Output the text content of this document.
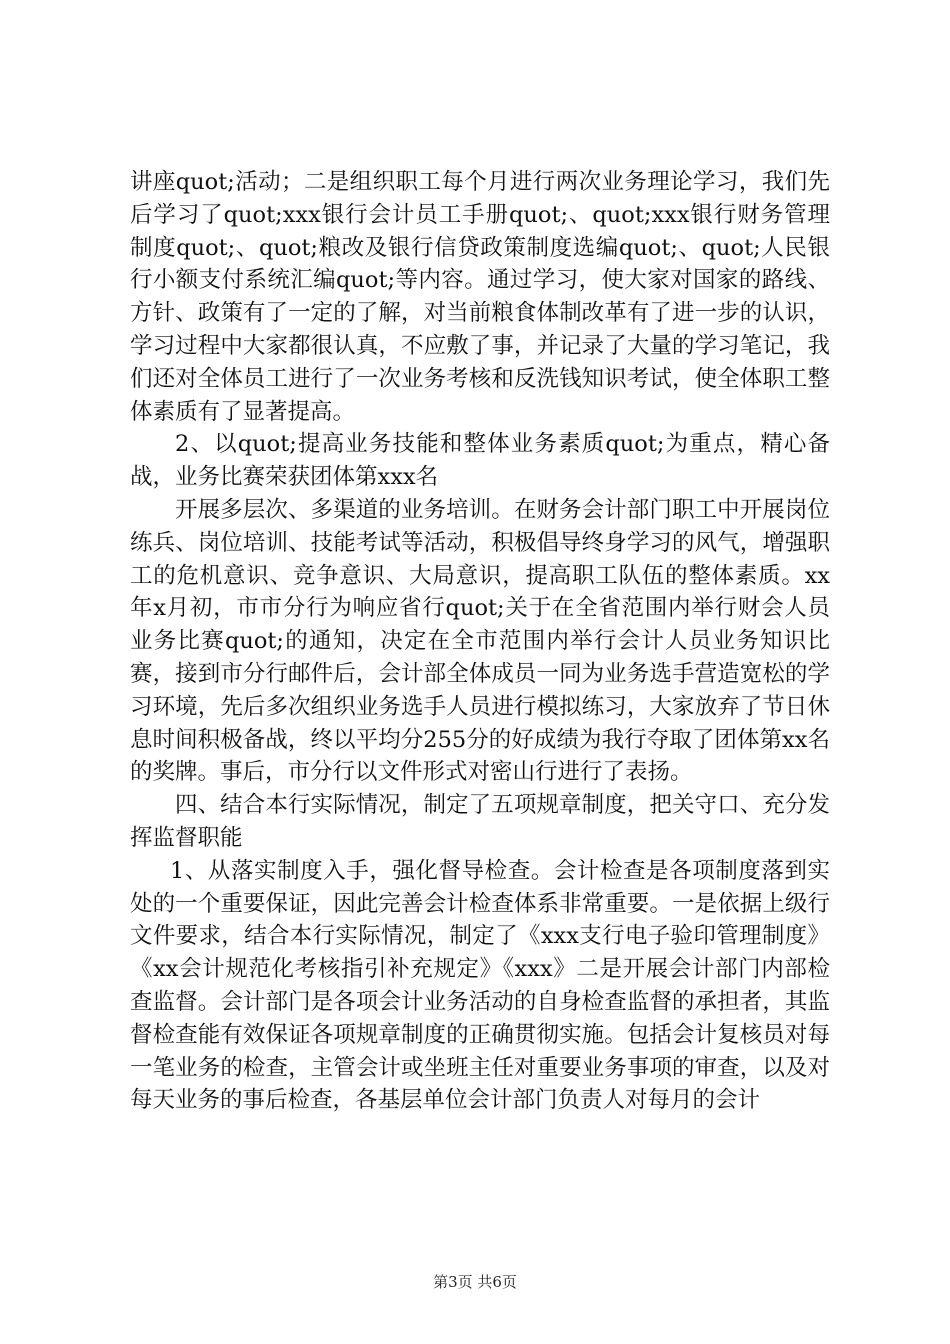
讲座quot;活动；二是组织职工每个月进行两次业务理论学习，我们先后学习了quot;xxx银行会计员工手册quot;、quot;xxx银行财务管理制度quot;、quot;粮改及银行信贷政策制度选编quot;、quot;人民银行小额支付系统汇编quot;等内容。通过学习，使大家对国家的路线、方针、政策有了一定的了解，对当前粮食体制改革有了进一步的认识，学习过程中大家都很认真，不应敷了事，并记录了大量的学习笔记，我们还对全体员工进行了一次业务考核和反洗钱知识考试，使全体职工整体素质有了显著提高。

2、以quot;提高业务技能和整体业务素质quot;为重点，精心备战，业务比赛荣获团体第xxx名

开展多层次、多渠道的业务培训。在财务会计部门职工中开展岗位练兵、岗位培训、技能考试等活动，积极倡导终身学习的风气，增强职工的危机意识、竞争意识、大局意识，提高职工队伍的整体素质。xx年x月初，市市分行为响应省行quot;关于在全省范围内举行财会人员业务比赛quot;的通知，决定在全市范围内举行会计人员业务知识比赛，接到市分行邮件后，会计部全体成员一同为业务选手营造宽松的学习环境，先后多次组织业务选手人员进行模拟练习，大家放弃了节日休息时间积极备战，终以平均分255分的好成绩为我行夺取了团体第xx名的奖牌。事后，市分行以文件形式对密山行进行了表扬。

四、结合本行实际情况，制定了五项规章制度，把关守口、充分发挥监督职能

1、从落实制度入手，强化督导检查。会计检查是各项制度落到实处的一个重要保证，因此完善会计检查体系非常重要。一是依据上级行文件要求，结合本行实际情况，制定了《xxx支行电子验印管理制度》《xx会计规范化考核指引补充规定》《xxx》二是开展会计部门内部检查监督。会计部门是各项会计业务活动的自身检查监督的承担者，其监督检查能有效保证各项规章制度的正确贯彻实施。包括会计复核员对每一笔业务的检查，主管会计或坐班主任对重要业务事项的审查，以及对每天业务的事后检查，各基层单位会计部门负责人对每月的会计

第3页 共6页
